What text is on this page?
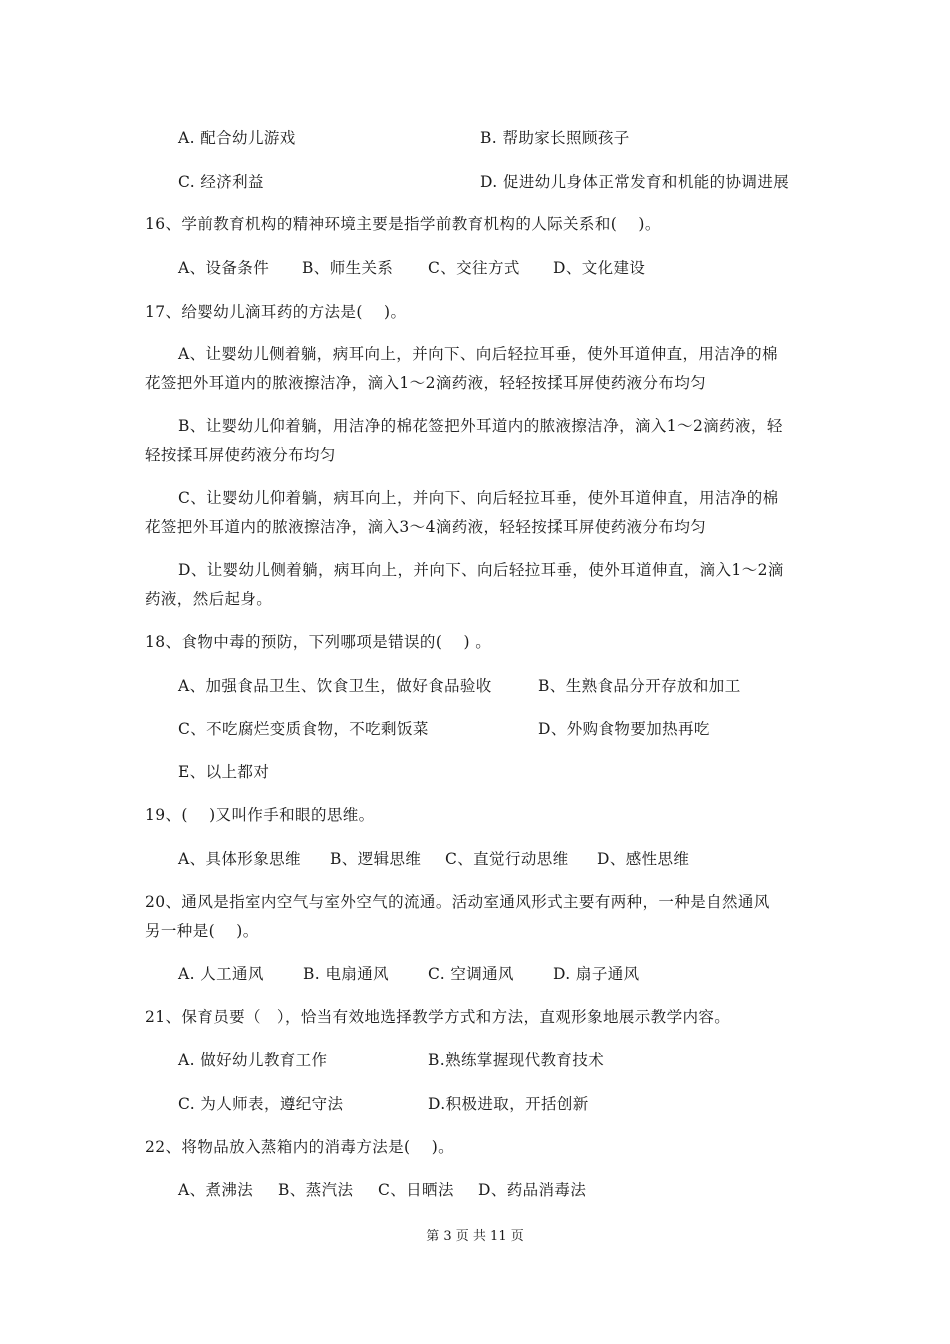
A. 配合幼儿游戏	B. 帮助家长照顾孩子
C. 经济利益	D. 促进幼儿身体正常发育和机能的协调进展
16、学前教育机构的精神环境主要是指学前教育机构的人际关系和(　 )。
A、设备条件 B、师生关系 C、交往方式 D、文化建设
17、给婴幼儿滴耳药的方法是(　 )。
A、让婴幼儿侧着躺，病耳向上，并向下、向后轻拉耳垂，使外耳道伸直，用洁净的棉
花签把外耳道内的脓液擦洁净，滴入1～2滴药液，轻轻按揉耳屏使药液分布均匀
B、让婴幼儿仰着躺，用洁净的棉花签把外耳道内的脓液擦洁净，滴入1～2滴药液，轻
轻按揉耳屏使药液分布均匀
C、让婴幼儿仰着躺，病耳向上，并向下、向后轻拉耳垂，使外耳道伸直，用洁净的棉
花签把外耳道内的脓液擦洁净，滴入3～4滴药液，轻轻按揉耳屏使药液分布均匀
D、让婴幼儿侧着躺，病耳向上，并向下、向后轻拉耳垂，使外耳道伸直，滴入1～2滴
药液，然后起身。
18、食物中毒的预防，下列哪项是错误的(　 ) 。
A、加强食品卫生、饮食卫生，做好食品验收	B、生熟食品分开存放和加工
C、不吃腐烂变质食物，不吃剩饭菜	D、外购食物要加热再吃
E、以上都对
19、(　 )又叫作手和眼的思维。
A、具体形象思维 B、逻辑思维 C、直觉行动思维 D、感性思维
20、通风是指室内空气与室外空气的流通。活动室通风形式主要有两种，一种是自然通风
另一种是(　 )。
A. 人工通风	B. 电扇通风	C. 空调通风	D. 扇子通风
21、保育员要（　），恰当有效地选择教学方式和方法，直观形象地展示教学内容。
A. 做好幼儿教育工作	B.熟练掌握现代教育技术
C. 为人师表，遵纪守法	D.积极进取，开括创新
22、将物品放入蒸箱内的消毒方法是(　 )。
A、煮沸法 B、蒸汽法 C、日晒法 D、药品消毒法
第 3 页 共 11 页
